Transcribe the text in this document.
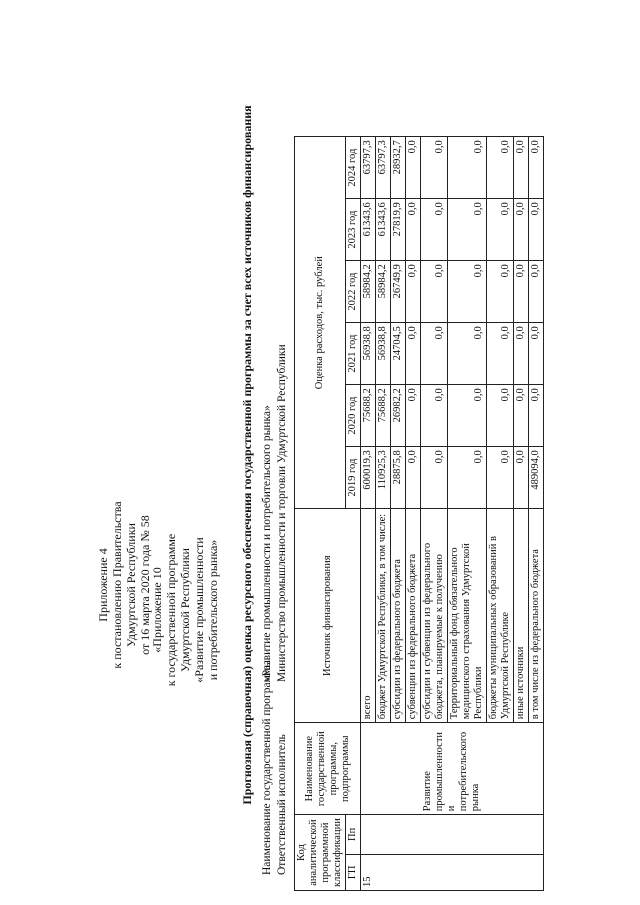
Приложение 4 к постановлению Правительства Удмуртской Республики от 16 марта 2020 года № 58
«Приложение 10 к государственной программе Удмуртской Республики «Развитие промышленности и потребительского рынка» Прогнозная (справочная) оценка ресурсного обеспечения государственной программы за счет всех источников финансирования Наименование государственной программы «Развитие промышленности и потребительского рынка»
Ответственный исполнитель Министерство промышленности и торговли Удмуртской Республики
Код аналитической программной классификации		Наименование государственной программы, подпрограммы	Источник финансирования	Оценка расходов, тыс. рублей					
ГП	Пп			2019 год	2020 год	2021 год	2022 год	2023 год	2024 год

15		Развитие промышленности и потребительского рынка	всего	600019,3	75688,2	56938,8	58984,2	61343,6	63797,3
			бюджет Удмуртской Республики, в том числе:	110925,3	75688,2	56938,8	58984,2	61343,6	63797,3
			субсидии из федерального бюджета	28875,8	26982,2	24704,5	26749,9	27819,9	28932,7
			субвенции из федерального бюджета	0,0	0,0	0,0	0,0	0,0	0,0
			субсидии и субвенции из федерального бюджета, планируемые к получению	0,0	0,0	0,0	0,0	0,0	0,0
			Территориальный фонд обязательного медицинского страхования Удмуртской Республики	0,0	0,0	0,0	0,0	0,0	0,0
			бюджеты муниципальных образований в Удмуртской Республике	0,0	0,0	0,0	0,0	0,0	0,0
			иные источники	0,0	0,0	0,0	0,0	0,0	0,0
			в том числе из федерального бюджета	489094,0	0,0	0,0	0,0	0,0	0,0
